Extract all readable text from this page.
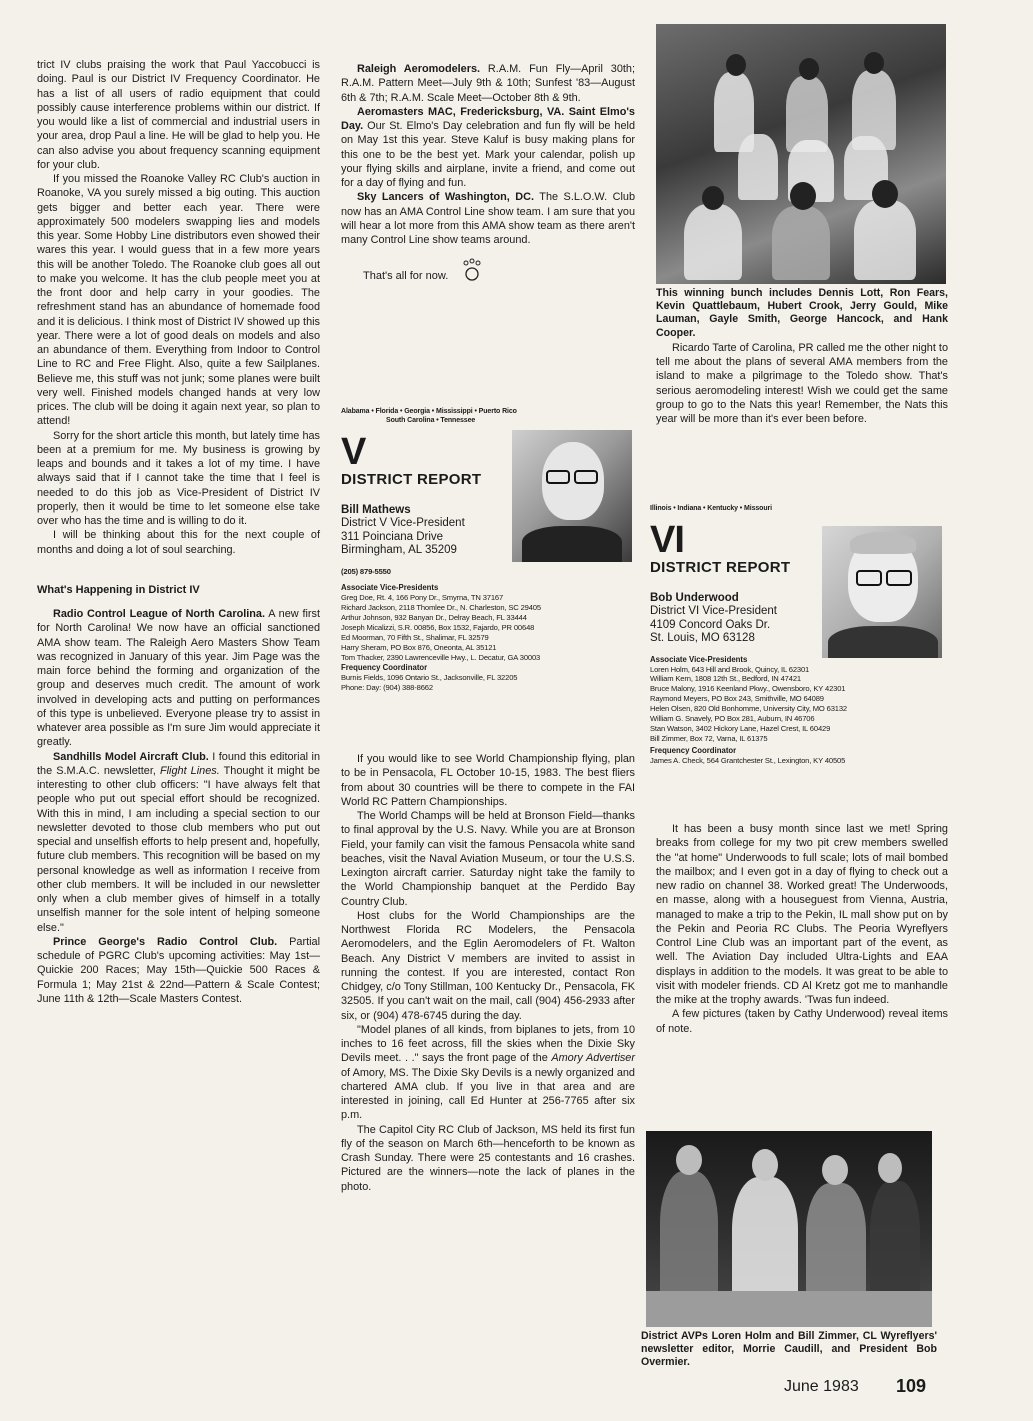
trict IV clubs praising the work that Paul Yaccobucci is doing. Paul is our District IV Frequency Coordinator. He has a list of all users of radio equipment that could possibly cause interference problems within our district. If you would like a list of commercial and industrial users in your area, drop Paul a line. He will be glad to help you. He can also advise you about frequency scanning equipment for your club.

If you missed the Roanoke Valley RC Club's auction in Roanoke, VA you surely missed a big outing. This auction gets bigger and better each year. There were approximately 500 modelers swapping lies and models this year. Some Hobby Line distributors even showed their wares this year. I would guess that in a few more years this will be another Toledo. The Roanoke club goes all out to make you welcome. It has the club people meet you at the front door and help carry in your goodies. The refreshment stand has an abundance of homemade food and it is delicious. I think most of District IV showed up this year. There were a lot of good deals on models and also an abundance of them. Everything from Indoor to Control Line to RC and Free Flight. Also, quite a few Sailplanes. Believe me, this stuff was not junk; some planes were built very well. Finished models changed hands at very low prices. The club will be doing it again next year, so plan to attend!

Sorry for the short article this month, but lately time has been at a premium for me. My business is growing by leaps and bounds and it takes a lot of my time. I have always said that if I cannot take the time that I feel is needed to do this job as Vice-President of District IV properly, then it would be time to let someone else take over who has the time and is willing to do it.

I will be thinking about this for the next couple of months and doing a lot of soul searching.

What's Happening in District IV

Radio Control League of North Carolina. A new first for North Carolina! We now have an official sanctioned AMA show team. The Raleigh Aero Masters Show Team was recognized in January of this year. Jim Page was the main force behind the forming and organization of the group and deserves much credit. The amount of work involved in developing acts and putting on performances of this type is unbelieved. Everyone please try to assist in whatever area possible as I'm sure Jim would appreciate it greatly.

Sandhills Model Aircraft Club. I found this editorial in the S.M.A.C. newsletter, Flight Lines. Thought it might be interesting to other club officers: "I have always felt that people who put out special effort should be recognized. With this in mind, I am including a special section to our newsletter devoted to those club members who put out special and unselfish efforts to help present and, hopefully, future club members. This recognition will be based on my personal knowledge as well as information I receive from other club members. It will be included in our newsletter only when a club member gives of himself in a totally unselfish manner for the sole intent of helping someone else."

Prince George's Radio Control Club. Partial schedule of PGRC Club's upcoming activities: May 1st—Quickie 200 Races; May 15th—Quickie 500 Races & Formula 1; May 21st & 22nd—Pattern & Scale Contest; June 11th & 12th—Scale Masters Contest.

Raleigh Aeromodelers. R.A.M. Fun Fly—April 30th; R.A.M. Pattern Meet—July 9th & 10th; Sunfest '83—August 6th & 7th; R.A.M. Scale Meet—October 8th & 9th.

Aeromasters MAC, Fredericksburg, VA. Saint Elmo's Day. Our St. Elmo's Day celebration and fun fly will be held on May 1st this year. Steve Kaluf is busy making plans for this one to be the best yet. Mark your calendar, polish up your flying skills and airplane, invite a friend, and come out for a day of flying and fun.

Sky Lancers of Washington, DC. The S.L.O.W. Club now has an AMA Control Line show team. I am sure that you will hear a lot more from this AMA show team as there aren't many Control Line show teams around.

That's all for now.
Alabama • Florida • Georgia • Mississippi • Puerto Rico
South Carolina • Tennessee
V
DISTRICT REPORT
Bill Mathews
District V Vice-President
311 Poinciana Drive
Birmingham, AL 35209
(205) 879-5550
Associate Vice-Presidents
Greg Doe, Rt. 4, 166 Pony Dr., Smyrna, TN 37167
Richard Jackson, 2118 Thomlee Dr., N. Charleston, SC 29405
Arthur Johnson, 932 Banyan Dr., Delray Beach, FL 33444
Joseph Micalizzi, S.R. 00856, Box 1532, Fajardo, PR 00648
Ed Moorman, 70 Fifth St., Shalimar, FL 32579
Harry Sheram, PO Box 876, Oneonta, AL 35121
Tom Thacker, 2390 Lawrenceville Hwy., L. Decatur, GA 30003
Frequency Coordinator
Burnis Fields, 1096 Ontario St., Jacksonville, FL 32205
Phone: Day: (904) 388-8662

If you would like to see World Championship flying, plan to be in Pensacola, FL October 10-15, 1983. The best fliers from about 30 countries will be there to compete in the FAI World RC Pattern Championships.

The World Champs will be held at Bronson Field—thanks to final approval by the U.S. Navy. While you are at Bronson Field, your family can visit the famous Pensacola white sand beaches, visit the Naval Aviation Museum, or tour the U.S.S. Lexington aircraft carrier. Saturday night take the family to the World Championship banquet at the Perdido Bay Country Club.

Host clubs for the World Championships are the Northwest Florida RC Modelers, the Pensacola Aeromodelers, and the Eglin Aeromodelers of Ft. Walton Beach. Any District V members are invited to assist in running the contest. If you are interested, contact Ron Chidgey, c/o Tony Stillman, 100 Kentucky Dr., Pensacola, FK 32505. If you can't wait on the mail, call (904) 456-2933 after six, or (904) 478-6745 during the day.

"Model planes of all kinds, from biplanes to jets, from 10 inches to 16 feet across, fill the skies when the Dixie Sky Devils meet. . ." says the front page of the Amory Advertiser of Amory, MS. The Dixie Sky Devils is a newly organized and chartered AMA club. If you live in that area and are interested in joining, call Ed Hunter at 256-7765 after six p.m.

The Capitol City RC Club of Jackson, MS held its first fun fly of the season on March 6th—henceforth to be known as Crash Sunday. There were 25 contestants and 16 crashes. Pictured are the winners—note the lack of planes in the photo.

This winning bunch includes Dennis Lott, Ron Fears, Kevin Quattlebaum, Hubert Crook, Jerry Gould, Mike Lauman, Gayle Smith, George Hancock, and Hank Cooper.

Ricardo Tarte of Carolina, PR called me the other night to tell me about the plans of several AMA members from the island to make a pilgrimage to the Toledo show. That's serious aeromodeling interest! Wish we could get the same group to go to the Nats this year! Remember, the Nats this year will be more than it's ever been before.

Illinois • Indiana • Kentucky • Missouri
VI
DISTRICT REPORT
Bob Underwood
District VI Vice-President
4109 Concord Oaks Dr.
St. Louis, MO 63128
Associate Vice-Presidents
Loren Holm, 643 Hill and Brook, Quincy, IL 62301
William Kern, 1808 12th St., Bedford, IN 47421
Bruce Malony, 1916 Keenland Pkwy., Owensboro, KY 42301
Raymond Meyers, PO Box 243, Smithville, MO 64089
Helen Olsen, 820 Old Bonhomme, University City, MO 63132
William G. Snavely, PO Box 281, Auburn, IN 46706
Stan Watson, 3402 Hickory Lane, Hazel Crest, IL 60429
Bill Zimmer, Box 72, Varna, IL 61375
Frequency Coordinator
James A. Check, 564 Grantchester St., Lexington, KY 40505

It has been a busy month since last we met! Spring breaks from college for my two pit crew members swelled the "at home" Underwoods to full scale; lots of mail bombed the mailbox; and I even got in a day of flying to check out a new radio on channel 38. Worked great! The Underwoods, en masse, along with a houseguest from Vienna, Austria, managed to make a trip to the Pekin, IL mall show put on by the Pekin and Peoria RC Clubs. The Peoria Wyreflyers Control Line Club was an important part of the event, as well. The Aviation Day included Ultra-Lights and EAA displays in addition to the models. It was great to be able to visit with modeler friends. CD Al Kretz got me to manhandle the mike at the trophy awards. 'Twas fun indeed.

A few pictures (taken by Cathy Underwood) reveal items of note.

District AVPs Loren Holm and Bill Zimmer, CL Wyreflyers' newsletter editor, Morrie Caudill, and President Bob Overmier.
June 1983 109
